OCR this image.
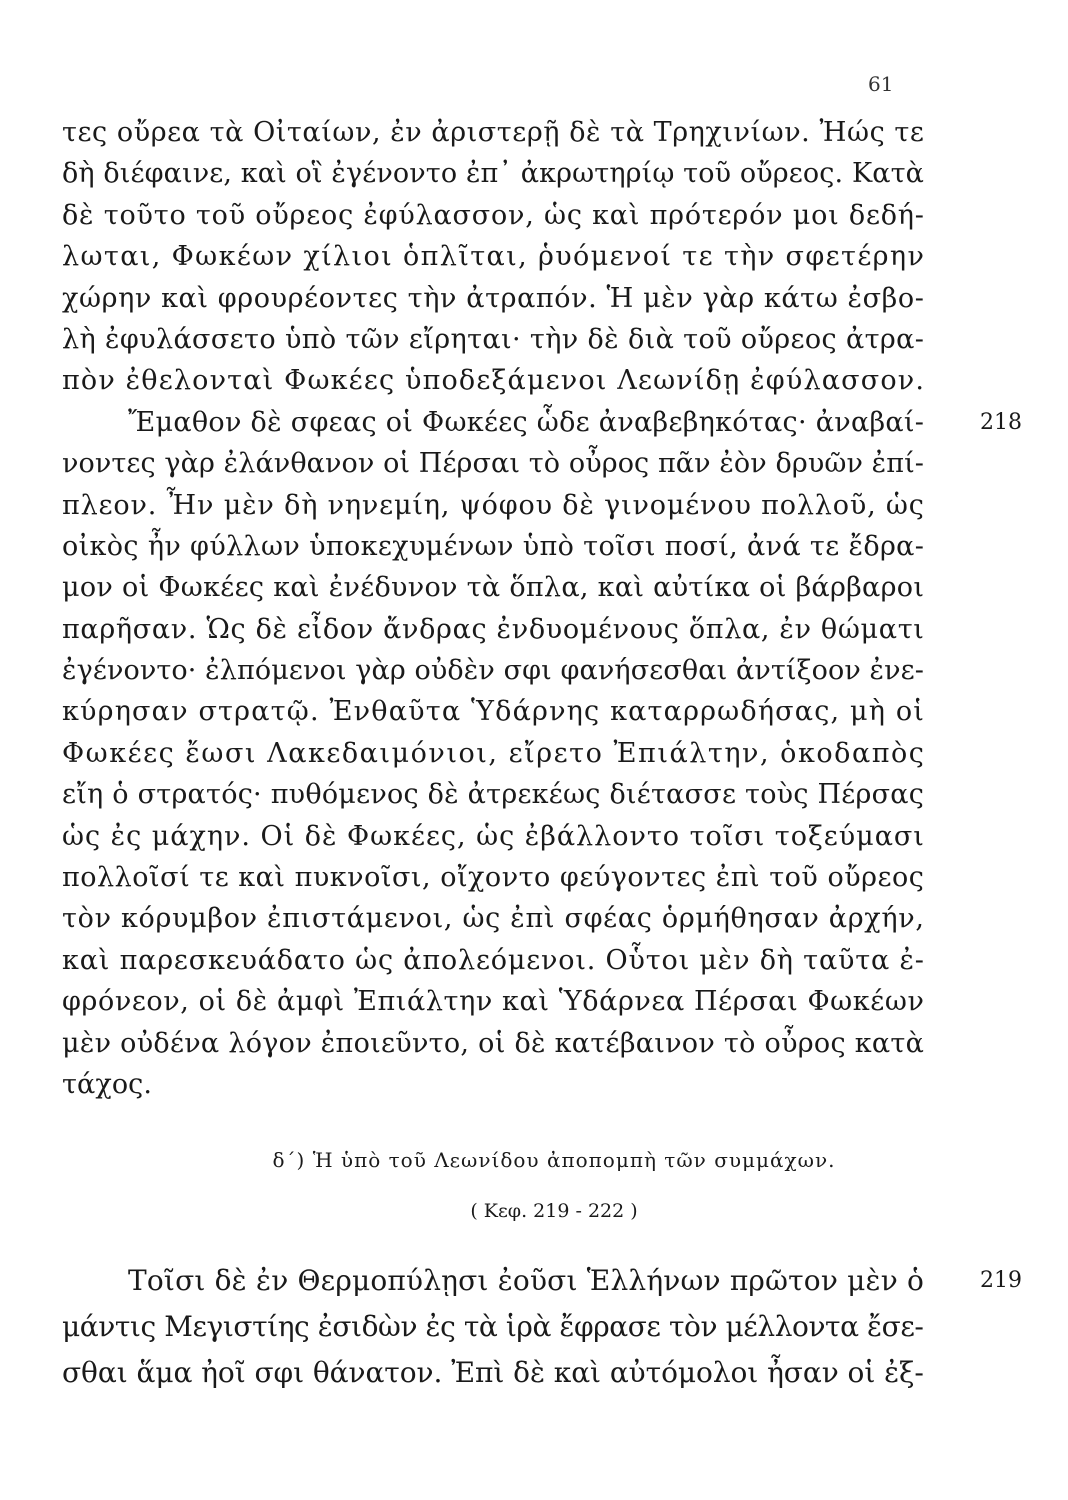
61
τες οὔρεα τὰ Οἰταίων, ἐν ἀριστερῇ δὲ τὰ Τρηχινίων. Ἠώς τε
δὴ διέφαινε, καὶ οἳ ἐγένοντο ἐπ᾽ ἀκρωτηρίῳ τοῦ οὔρεος. Κατὰ
δὲ τοῦτο τοῦ οὔρεος ἐφύλασσον, ὡς καὶ πρότερόν μοι δεδή-
λωται, Φωκέων χίλιοι ὁπλῖται, ῥυόμενοί τε τὴν σφετέρην
χώρην καὶ φρουρέοντες τὴν ἀτραπόν. Ἡ μὲν γὰρ κάτω ἐσβο-
λὴ ἐφυλάσσετο ὑπὸ τῶν εἴρηται· τὴν δὲ διὰ τοῦ οὔρεος ἀτρα-
πὸν ἐθελονταὶ Φωκέες ὑποδεξάμενοι Λεωνίδῃ ἐφύλασσον.
Ἔμαθον δὲ σφεας οἱ Φωκέες ὧδε ἀναβεβηκότας· ἀναβαί-
νοντες γὰρ ἐλάνθανον οἱ Πέρσαι τὸ οὖρος πᾶν ἐὸν δρυῶν ἐπί-
πλεον. Ἦν μὲν δὴ νηνεμίη, ψόφου δὲ γινομένου πολλοῦ, ὡς
οἰκὸς ἦν φύλλων ὑποκεχυμένων ὑπὸ τοῖσι ποσί, ἀνά τε ἔδρα-
μον οἱ Φωκέες καὶ ἐνέδυνον τὰ ὅπλα, καὶ αὐτίκα οἱ βάρβαροι
παρῆσαν. Ὡς δὲ εἶδον ἄνδρας ἐνδυομένους ὅπλα, ἐν θώματι
ἐγένοντο· ἐλπόμενοι γὰρ οὐδὲν σφι φανήσεσθαι ἀντίξοον ἐνε-
κύρησαν στρατῷ. Ἐνθαῦτα Ὑδάρνης καταρρωδήσας, μὴ οἱ
Φωκέες ἔωσι Λακεδαιμόνιοι, εἴρετο Ἐπιάλτην, ὁκοδαπὸς
εἴη ὁ στρατός· πυθόμενος δὲ ἀτρεκέως διέτασσε τοὺς Πέρσας
ὡς ἐς μάχην. Οἱ δὲ Φωκέες, ὡς ἐβάλλοντο τοῖσι τοξεύμασι
πολλοῖσί τε καὶ πυκνοῖσι, οἴχοντο φεύγοντες ἐπὶ τοῦ οὔρεος
τὸν κόρυμβον ἐπιστάμενοι, ὡς ἐπὶ σφέας ὁρμήθησαν ἀρχήν,
καὶ παρεσκευάδατο ὡς ἀπολεόμενοι. Οὗτοι μὲν δὴ ταῦτα ἐ-
φρόνεον, οἱ δὲ ἀμφὶ Ἐπιάλτην καὶ Ὑδάρνεα Πέρσαι Φωκέων
μὲν οὐδένα λόγον ἐποιεῦντο, οἱ δὲ κατέβαινον τὸ οὖρος κατὰ
τάχος.
218
δ´) Ἡ ὑπὸ τοῦ Λεωνίδου ἀποπομπὴ τῶν συμμάχων.
( Κεφ. 219 - 222 )
Τοῖσι δὲ ἐν Θερμοπύλῃσι ἐοῦσι Ἑλλήνων πρῶτον μὲν ὁ
μάντις Μεγιστίης ἐσιδὼν ἐς τὰ ἱρὰ ἔφρασε τὸν μέλλοντα ἔσε-
σθαι ἅμα ἠοῖ σφι θάνατον. Ἐπὶ δὲ καὶ αὐτόμολοι ἦσαν οἱ ἐξ-
219
